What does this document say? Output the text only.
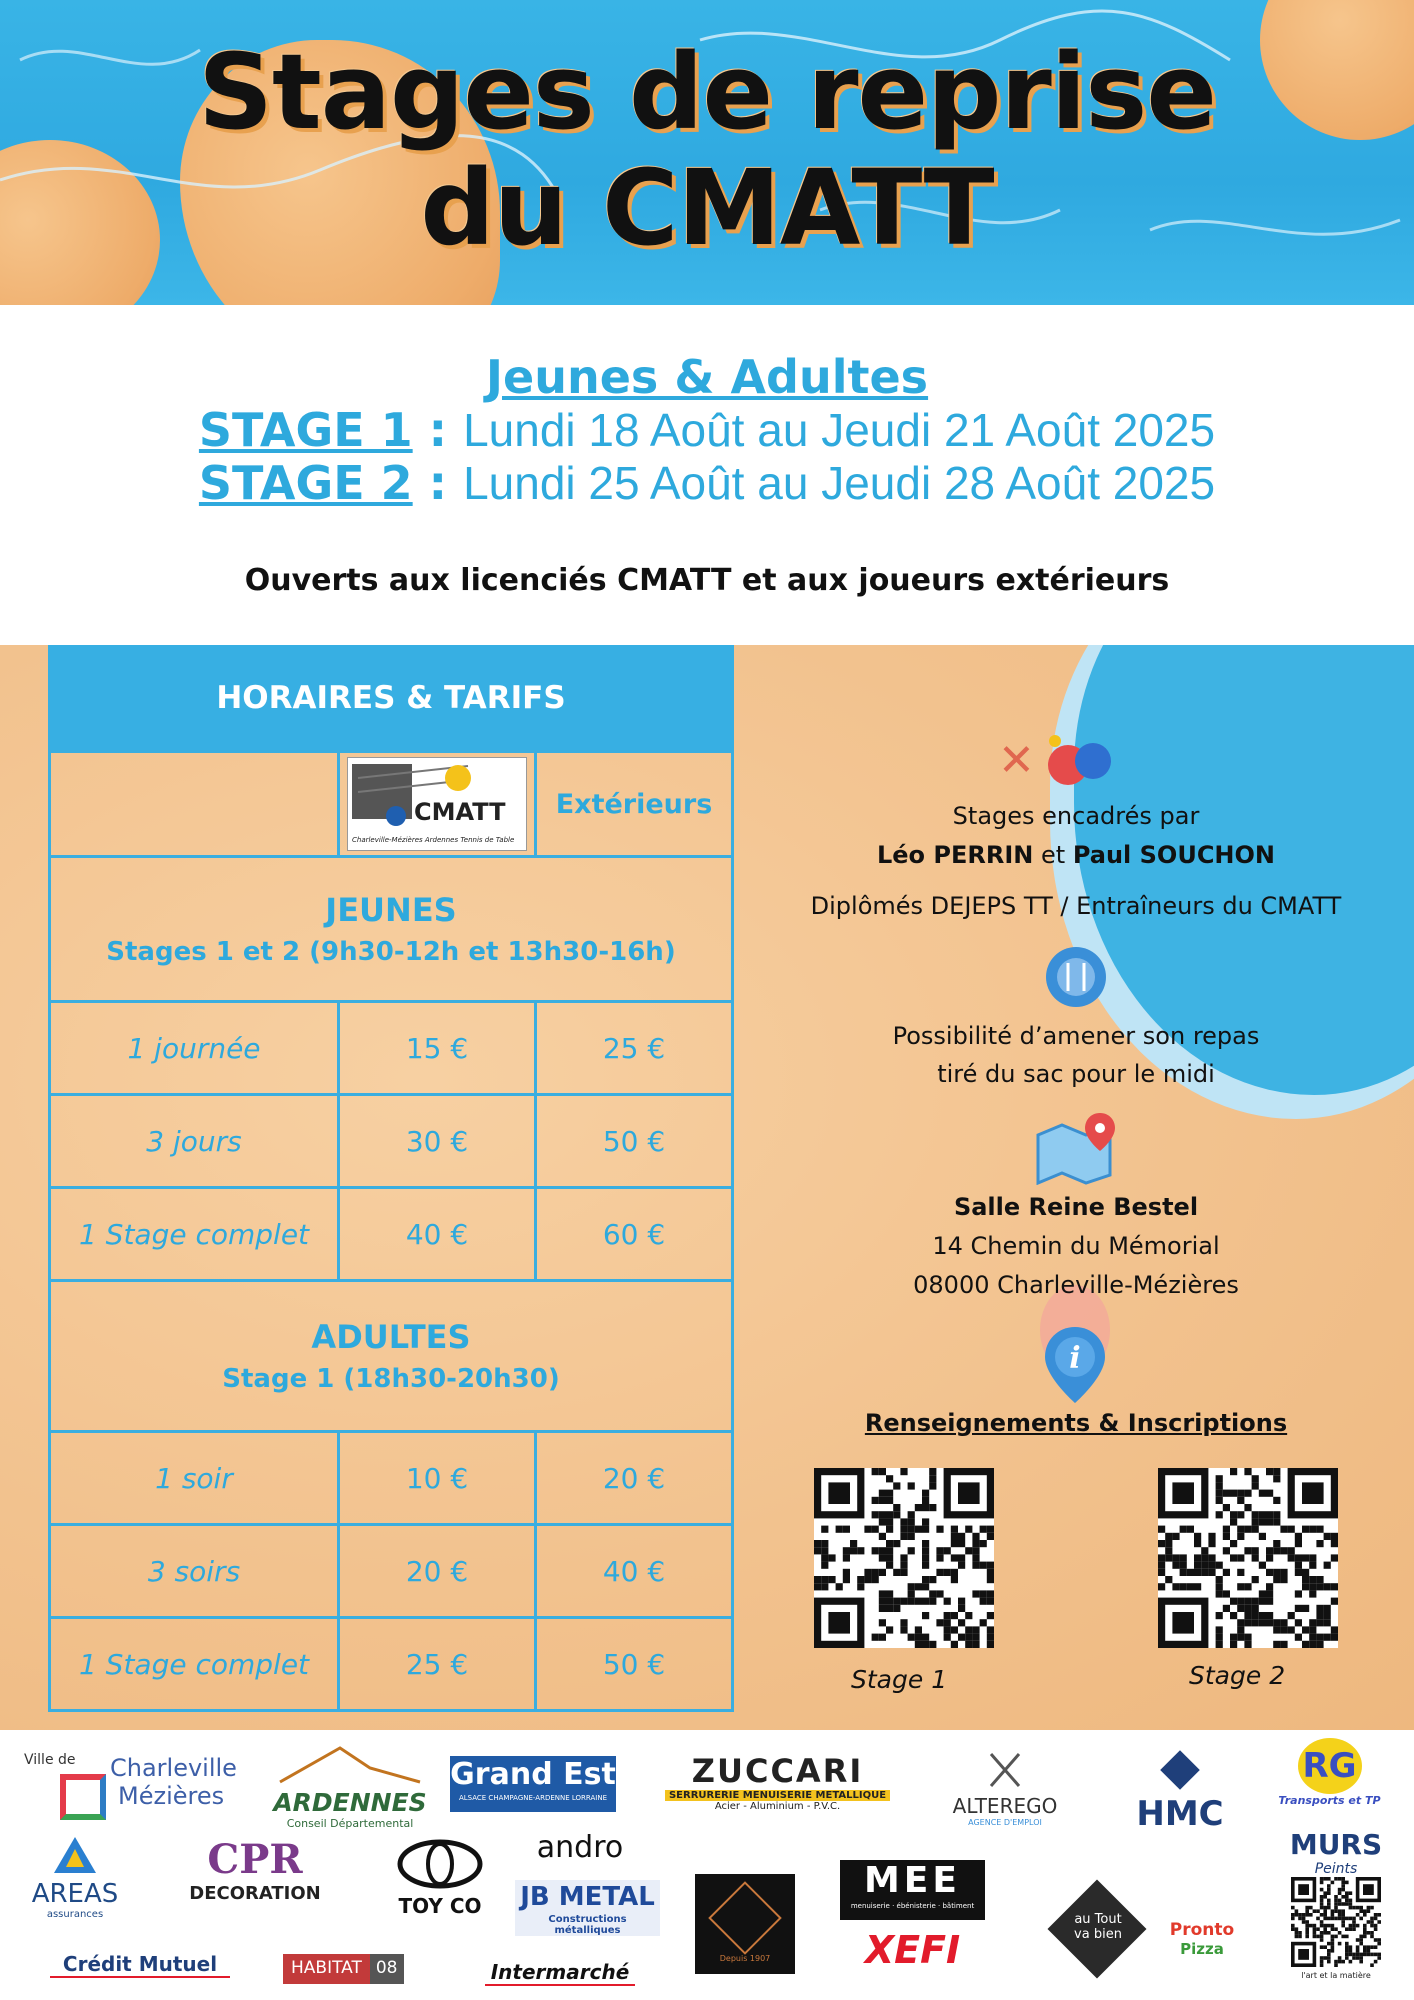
Stages de reprise
du CMATT
Jeunes & Adultes
STAGE 1 : Lundi 18 Août au Jeudi 21 Août 2025
STAGE 2 : Lundi 25 Août au Jeudi 28 Août 2025
Ouverts aux licenciés CMATT et aux joueurs extérieurs
HORAIRES & TARIFS
CMATT
Charleville-Mézières Ardennes Tennis de Table
Extérieurs
JEUNES
Stages 1 et 2 (9h30-12h et 13h30-16h)
1 journée	15 €	25 €
3 jours	30 €	50 €
1 Stage complet	40 €	60 €
ADULTES
Stage 1 (18h30-20h30)
1 soir	10 €	20 €
3 soirs	20 €	40 €
1 Stage complet	25 €	50 €
✕
Stages encadrés par
Léo PERRIN et Paul SOUCHON
Diplômés DEJEPS TT / Entraîneurs du CMATT
Possibilité d’amener son repas
tiré du sac pour le midi
Salle Reine Bestel
14 Chemin du Mémorial
08000 Charleville-Mézières
i
Renseignements & Inscriptions
Stage 1	Stage 2
Ville de Charleville
Mézières ARDENNES
Conseil Départemental
Grand Est
ALSACE CHAMPAGNE-ARDENNE LORRAINE
ZUCCARI
SERRURERIE MENUISERIE METALLIQUE
Acier - Aluminium - P.V.C.	ALTEREGO
AGENCE D'EMPLOI	HMC
RG
Transports et TP
AREAS
assurances
CPR
DECORATION
TOY CO
andro
JB METAL
Constructions métalliques
Depuis 1907
MEE
menuiserie · ébénisterie · bâtiment
XEFI
au Tout
va bien	Pronto
Pizza
MURS
Peints
l'art et la matière
Crédit Mutuel	HABITAT 08	Intermarché
